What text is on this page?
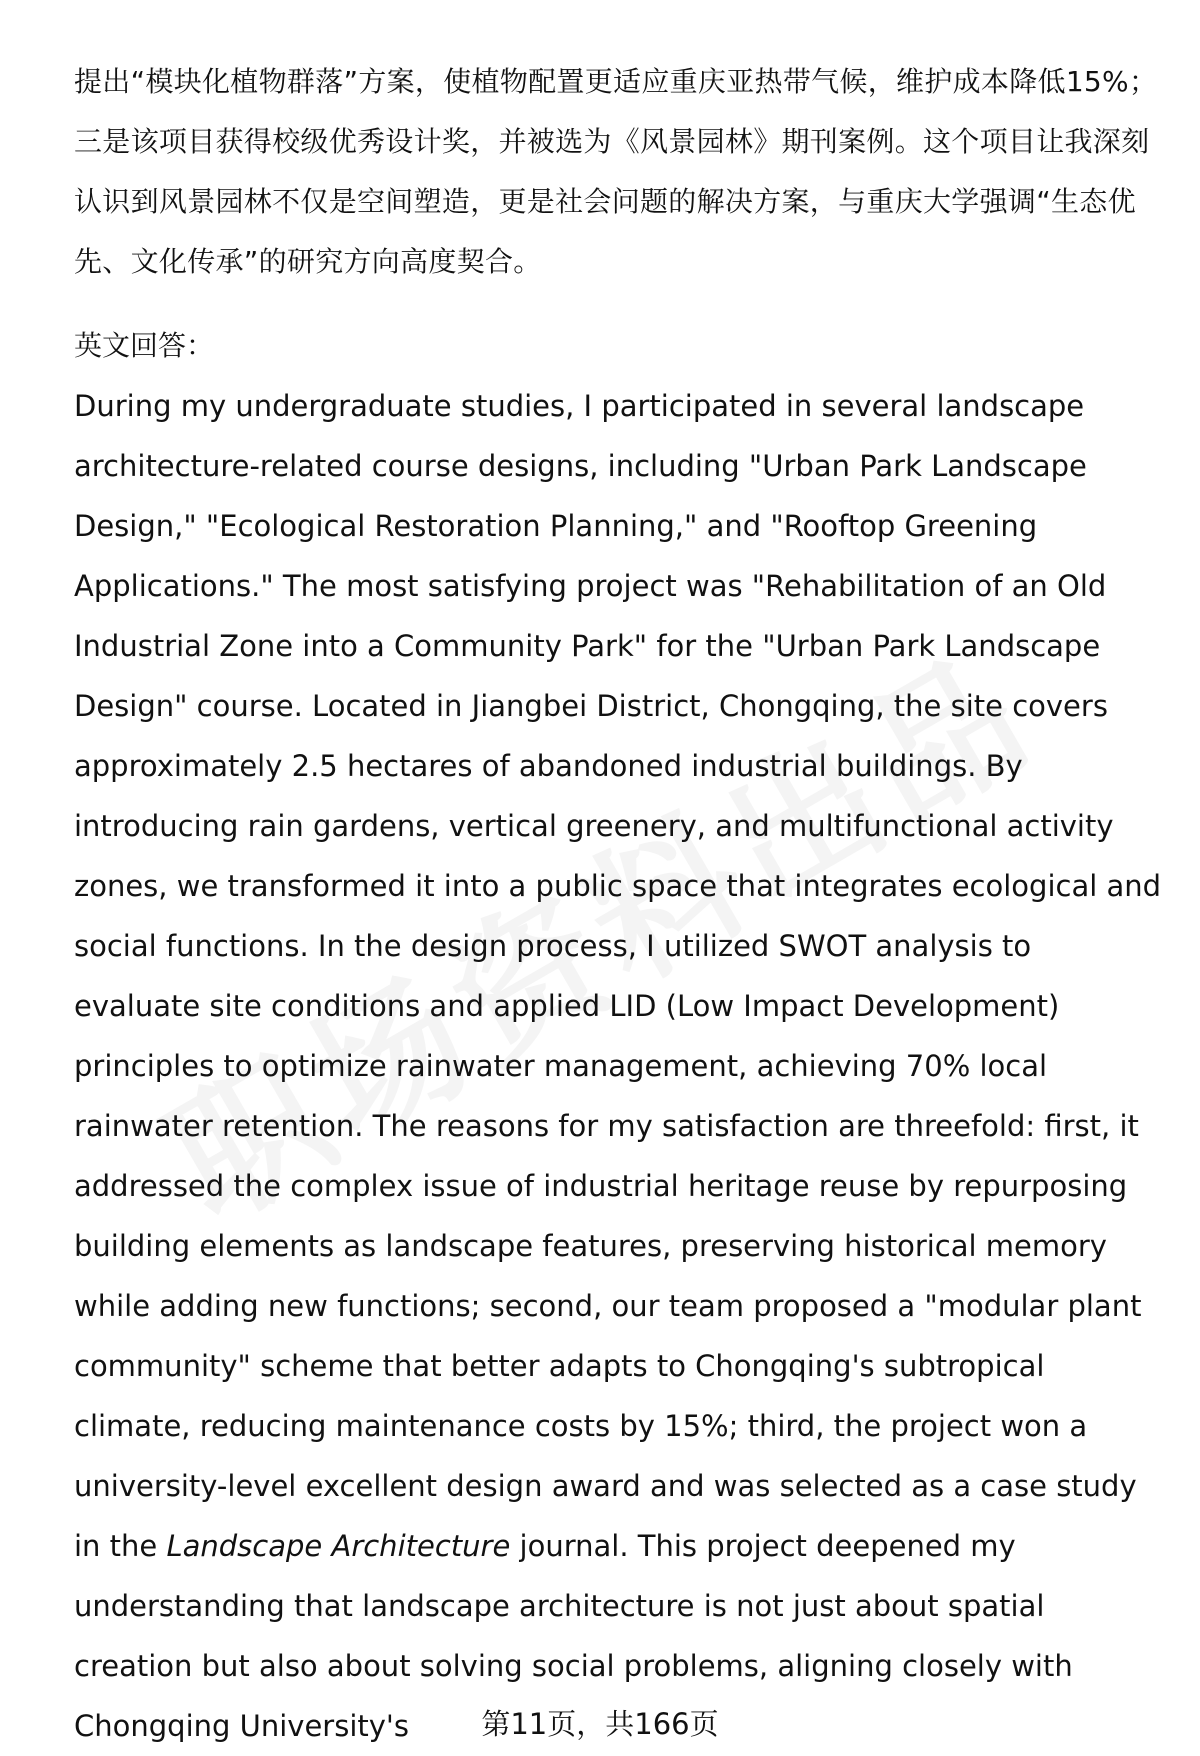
提出“模块化植物群落”方案，使植物配置更适应重庆亚热带气候，维护成本降低15%；三是该项目获得校级优秀设计奖，并被选为《风景园林》期刊案例。这个项目让我深刻认识到风景园林不仅是空间塑造，更是社会问题的解决方案，与重庆大学强调“生态优先、文化传承”的研究方向高度契合。

英文回答：

During my undergraduate studies, I participated in several landscape architecture-related course designs, including "Urban Park Landscape Design," "Ecological Restoration Planning," and "Rooftop Greening Applications." The most satisfying project was "Rehabilitation of an Old Industrial Zone into a Community Park" for the "Urban Park Landscape Design" course. Located in Jiangbei District, Chongqing, the site covers approximately 2.5 hectares of abandoned industrial buildings. By introducing rain gardens, vertical greenery, and multifunctional activity zones, we transformed it into a public space that integrates ecological and social functions. In the design process, I utilized SWOT analysis to evaluate site conditions and applied LID (Low Impact Development) principles to optimize rainwater management, achieving 70% local rainwater retention. The reasons for my satisfaction are threefold: first, it addressed the complex issue of industrial heritage reuse by repurposing building elements as landscape features, preserving historical memory while adding new functions; second, our team proposed a "modular plant community" scheme that better adapts to Chongqing's subtropical climate, reducing maintenance costs by 15%; third, the project won a university-level excellent design award and was selected as a case study in the Landscape Architecture journal. This project deepened my understanding that landscape architecture is not just about spatial creation but also about solving social problems, aligning closely with Chongqing University's	第11页，共166页
